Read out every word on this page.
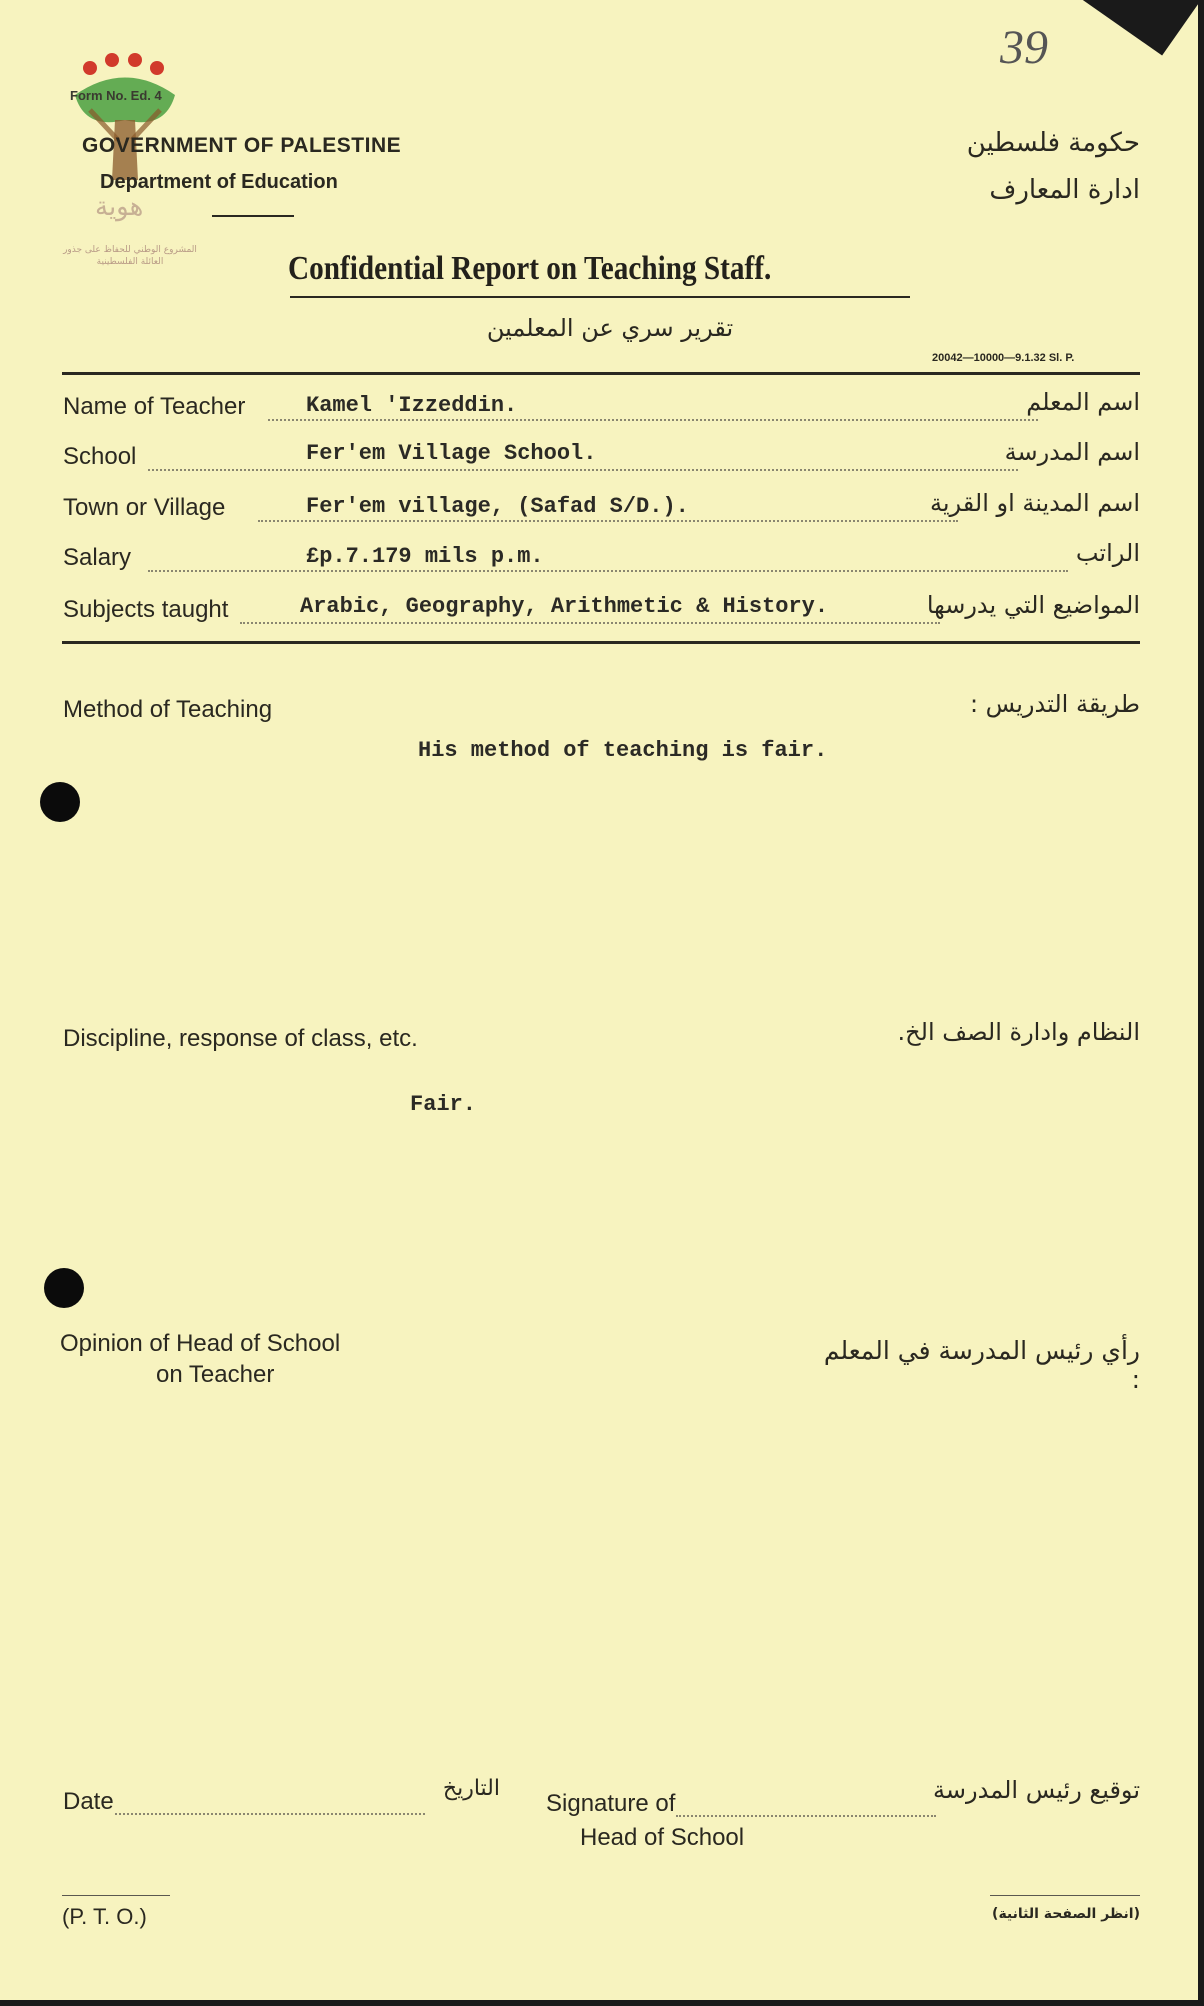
39
Form No. Ed. 4
هوية
المشروع الوطني للحفاظ على جذور العائلة الفلسطينية
GOVERNMENT OF PALESTINE
Department of Education
حكومة فلسطين
ادارة المعارف
Confidential Report on Teaching Staff.
تقرير سري عن المعلمين
20042—10000—9.1.32 Sl. P.
Name of Teacher	Kamel 'Izzeddin.	اسم المعلم
School	Fer'em Village School.	اسم المدرسة
Town or Village	Fer'em village, (Safad S/D.).	اسم المدينة او القرية
Salary	£p.7.179 mils p.m.	الراتب
Subjects taught	Arabic, Geography, Arithmetic & History.	المواضيع التي يدرسها
Method of Teaching	طريقة التدريس :
His method of teaching is fair.
Discipline, response of class, etc.	النظام وادارة الصف الخ.
Fair.
Opinion of Head of School
on Teacher
رأي رئيس المدرسة في المعلم :
Date	التاريخ
Signature of
Head of School
توقيع رئيس المدرسة
(P. T. O.)	(انظر الصفحة الثانية)
